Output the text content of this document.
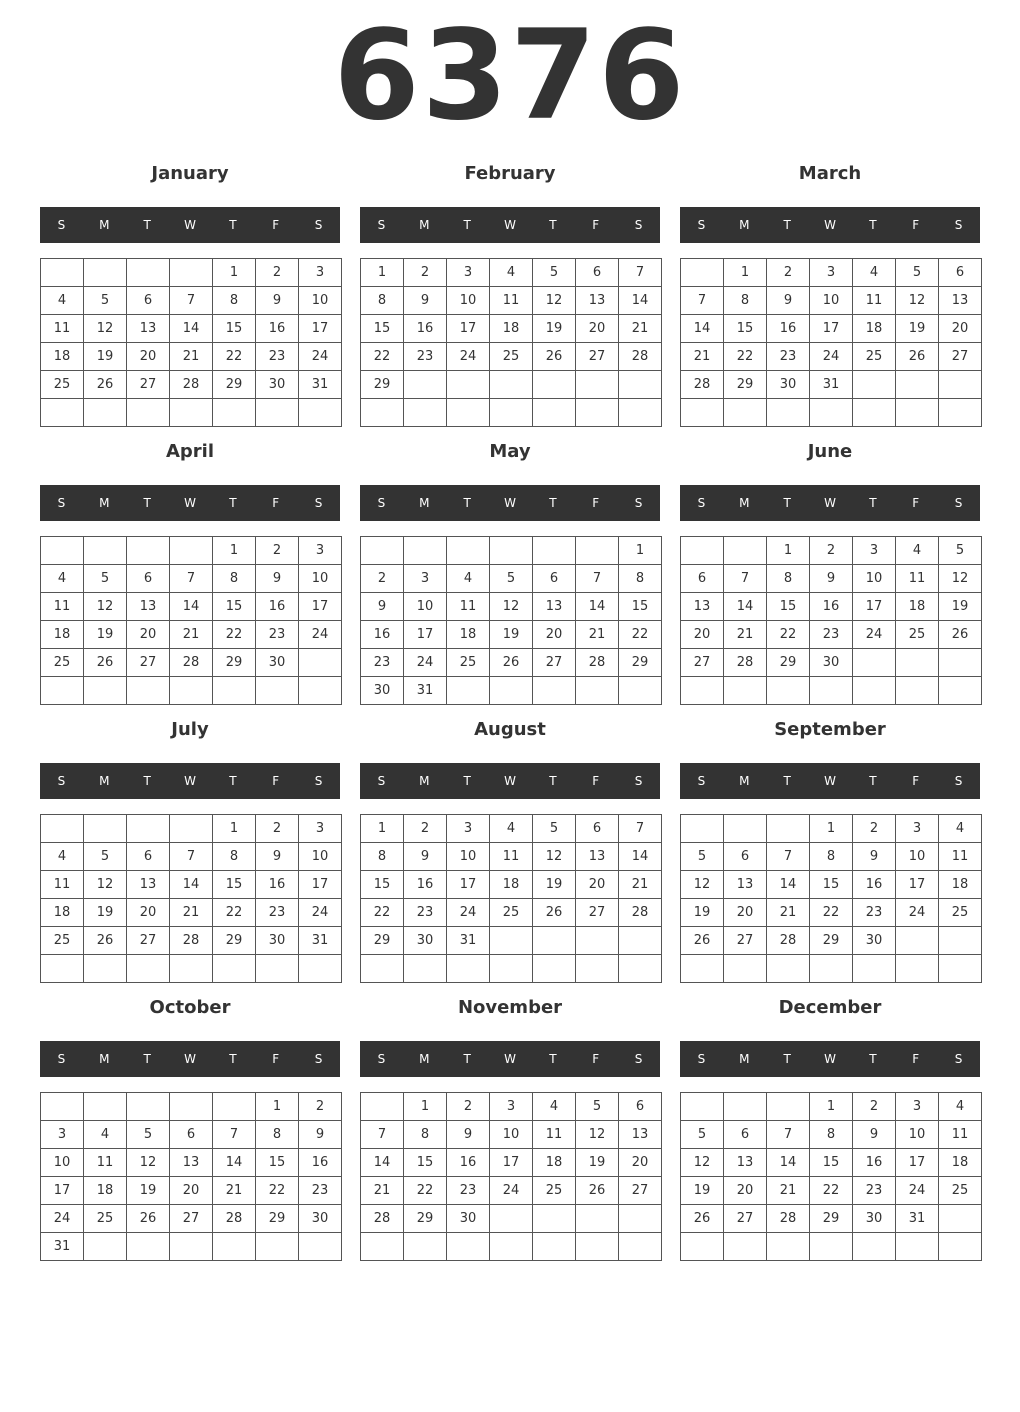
6376
January
S	M	T	W	T	F	S
				1	2	3
4	5	6	7	8	9	10
11	12	13	14	15	16	17
18	19	20	21	22	23	24
25	26	27	28	29	30	31

February
S	M	T	W	T	F	S
1	2	3	4	5	6	7
8	9	10	11	12	13	14
15	16	17	18	19	20	21
22	23	24	25	26	27	28
29						

March
S	M	T	W	T	F	S
	1	2	3	4	5	6
7	8	9	10	11	12	13
14	15	16	17	18	19	20
21	22	23	24	25	26	27
28	29	30	31			

April
S	M	T	W	T	F	S
				1	2	3
4	5	6	7	8	9	10
11	12	13	14	15	16	17
18	19	20	21	22	23	24
25	26	27	28	29	30	

May
S	M	T	W	T	F	S
						1
2	3	4	5	6	7	8
9	10	11	12	13	14	15
16	17	18	19	20	21	22
23	24	25	26	27	28	29
30	31					
June
S	M	T	W	T	F	S
		1	2	3	4	5
6	7	8	9	10	11	12
13	14	15	16	17	18	19
20	21	22	23	24	25	26
27	28	29	30			

July
S	M	T	W	T	F	S
				1	2	3
4	5	6	7	8	9	10
11	12	13	14	15	16	17
18	19	20	21	22	23	24
25	26	27	28	29	30	31

August
S	M	T	W	T	F	S
1	2	3	4	5	6	7
8	9	10	11	12	13	14
15	16	17	18	19	20	21
22	23	24	25	26	27	28
29	30	31				

September
S	M	T	W	T	F	S
			1	2	3	4
5	6	7	8	9	10	11
12	13	14	15	16	17	18
19	20	21	22	23	24	25
26	27	28	29	30		

October
S	M	T	W	T	F	S
					1	2
3	4	5	6	7	8	9
10	11	12	13	14	15	16
17	18	19	20	21	22	23
24	25	26	27	28	29	30
31						
November
S	M	T	W	T	F	S
	1	2	3	4	5	6
7	8	9	10	11	12	13
14	15	16	17	18	19	20
21	22	23	24	25	26	27
28	29	30				

December
S	M	T	W	T	F	S
			1	2	3	4
5	6	7	8	9	10	11
12	13	14	15	16	17	18
19	20	21	22	23	24	25
26	27	28	29	30	31	
